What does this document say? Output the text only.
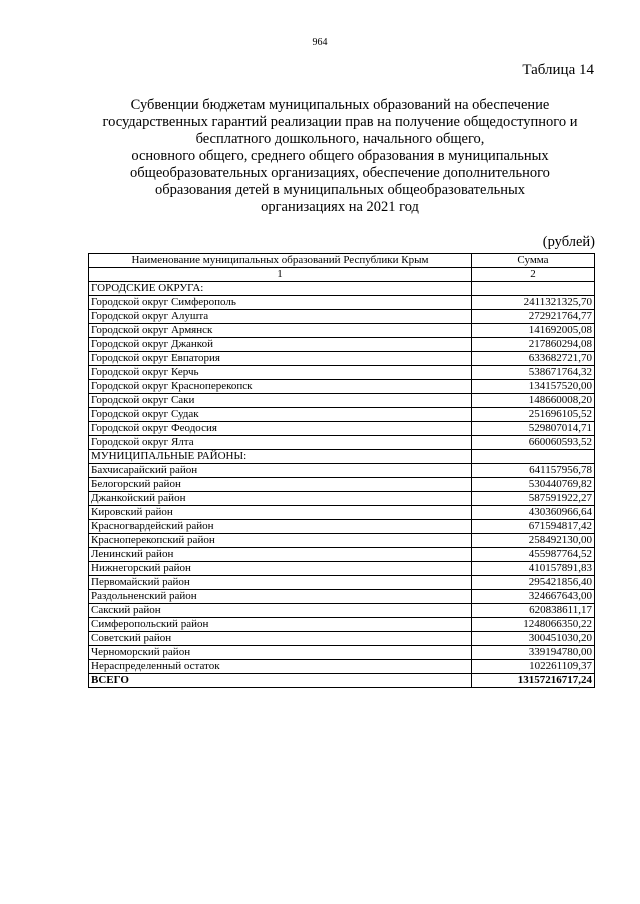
964
Таблица 14
Субвенции бюджетам муниципальных образований на обеспечение
государственных гарантий реализации прав на получение общедоступного и
бесплатного дошкольного, начального общего,
основного общего, среднего общего образования в муниципальных
общеобразовательных организациях, обеспечение дополнительного
образования детей в муниципальных общеобразовательных
организациях на 2021 год
(рублей)
Наименование муниципальных образований Республики Крым	Сумма
1	2
ГОРОДСКИЕ ОКРУГА:	
Городской округ Симферополь	2411321325,70
Городской округ Алушта	272921764,77
Городской округ Армянск	141692005,08
Городской округ Джанкой	217860294,08
Городской округ Евпатория	633682721,70
Городской округ Керчь	538671764,32
Городской округ Красноперекопск	134157520,00
Городской округ Саки	148660008,20
Городской округ Судак	251696105,52
Городской округ Феодосия	529807014,71
Городской округ Ялта	660060593,52
МУНИЦИПАЛЬНЫЕ РАЙОНЫ:	
Бахчисарайский район	641157956,78
Белогорский район	530440769,82
Джанкойский район	587591922,27
Кировский район	430360966,64
Красногвардейский район	671594817,42
Красноперекопский район	258492130,00
Ленинский район	455987764,52
Нижнегорский район	410157891,83
Первомайский район	295421856,40
Раздольненский район	324667643,00
Сакский район	620838611,17
Симферопольский район	1248066350,22
Советский район	300451030,20
Черноморский район	339194780,00
Нераспределенный остаток	102261109,37
ВСЕГО	13157216717,24
